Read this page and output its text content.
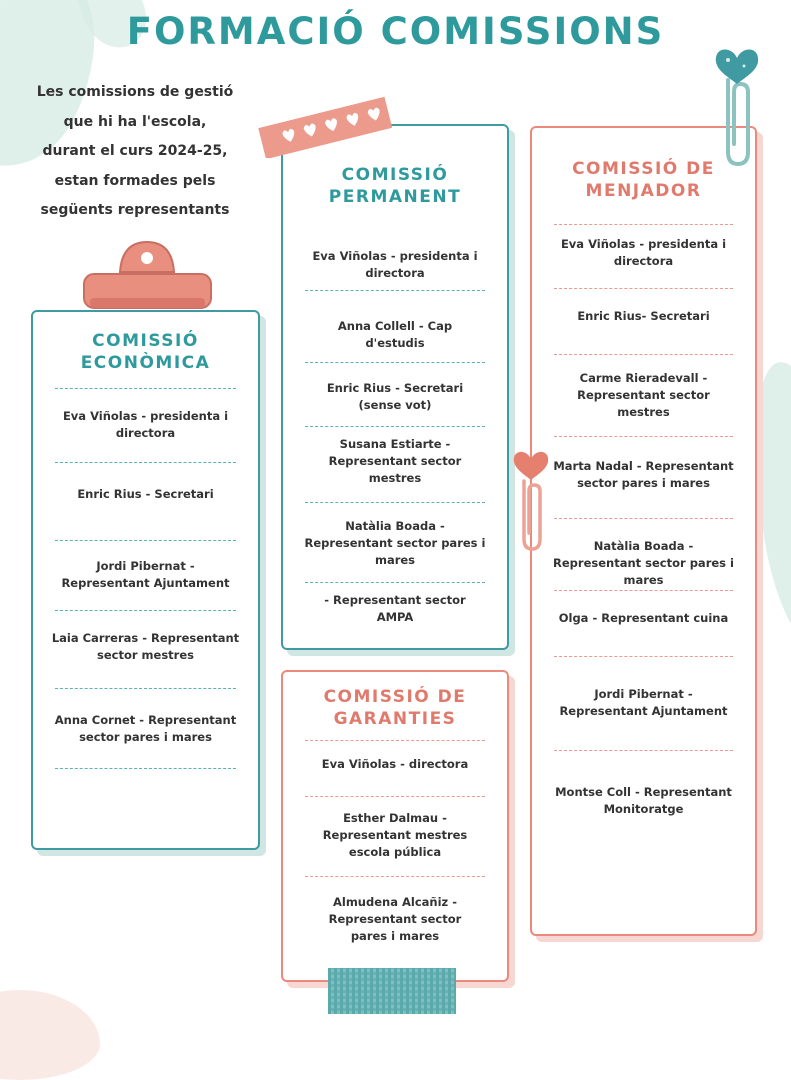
FORMACIÓ COMISSIONS
Les comissions de gestió
que hi ha l'escola,
durant el curs 2024-25,
estan formades pels
següents representants
COMISSIÓ
ECONÒMICA
Eva Viñolas - presidenta i
directora
Enric Rius - Secretari
Jordi Pibernat -
Representant Ajuntament
Laia Carreras - Representant
sector mestres
Anna Cornet - Representant
sector pares i mares
COMISSIÓ
PERMANENT
Eva Viñolas - presidenta i
directora
Anna Collell - Cap
d'estudis
Enric Rius - Secretari
(sense vot)
Susana Estiarte -
Representant sector
mestres
Natàlia Boada -
Representant sector pares i
mares
- Representant sector
AMPA
COMISSIÓ DE
GARANTIES
Eva Viñolas - directora
Esther Dalmau -
Representant mestres
escola pública
Almudena Alcañiz -
Representant sector
pares i mares
COMISSIÓ DE
MENJADOR
Eva Viñolas - presidenta i
directora
Enric Rius- Secretari
Carme Rieradevall -
Representant sector
mestres
Marta Nadal - Representant
sector pares i mares
Natàlia Boada -
Representant sector pares i
mares
Olga - Representant cuina
Jordi Pibernat -
Representant Ajuntament
Montse Coll - Representant
Monitoratge
